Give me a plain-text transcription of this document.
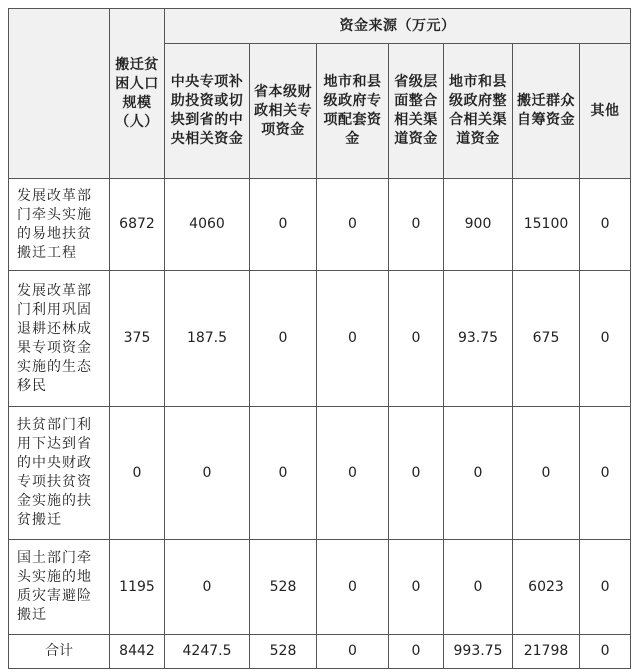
	搬迁贫困人口规模（人）	资金来源（万元）						
		中央专项补助投资或切块到省的中央相关资金	省本级财政相关专项资金	地市和县级政府专项配套资金	省级层面整合相关渠道资金	地市和县级政府整合相关渠道资金	搬迁群众自筹资金	其他
发展改革部门牵头实施的易地扶贫搬迁工程	6872	4060	0	0	0	900	15100	0
发展改革部门利用巩固退耕还林成果专项资金实施的生态移民	375	187.5	0	0	0	93.75	675	0
扶贫部门利用下达到省的中央财政专项扶贫资金实施的扶贫搬迁	0	0	0	0	0	0	0	0
国土部门牵头实施的地质灾害避险搬迁	1195	0	528	0	0	0	6023	0
合计	8442	4247.5	528	0	0	993.75	21798	0
